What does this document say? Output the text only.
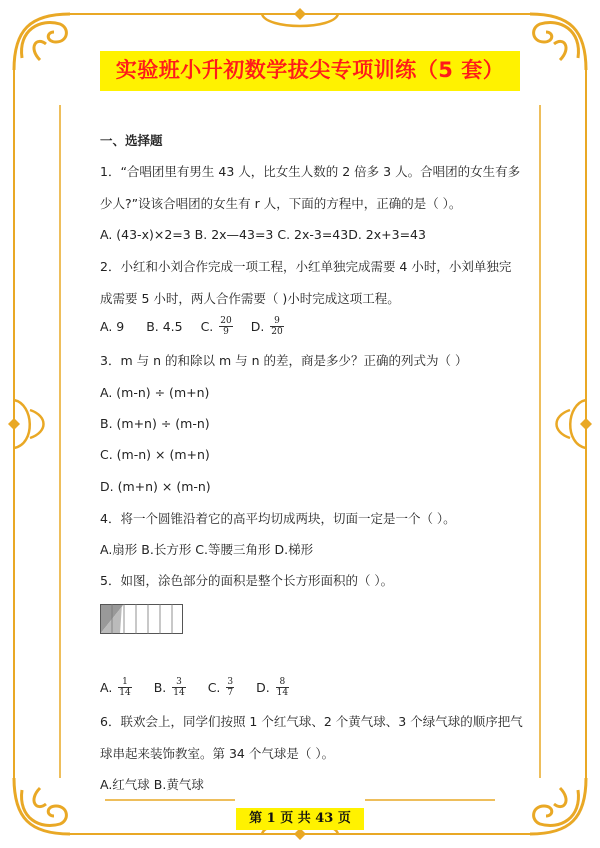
实验班小升初数学拔尖专项训练（5 套）
一、选择题
1．“合唱团里有男生 43 人，比女生人数的 2 倍多 3 人。合唱团的女生有多
少人?”设该合唱团的女生有 r 人，下面的方程中，正确的是（ ）。
A. (43-x)×2=3 B. 2x—43=3 C. 2x-3=43D. 2x+3=43
2．小红和小刘合作完成一项工程，小红单独完成需要 4 小时，小刘单独完
成需要 5 小时，两人合作需要（ )小时完成这项工程。
A. 9 B. 4.5 C. $\frac{20}{9} D$. $\frac{9}{20}$
3．m 与 n 的和除以 m 与 n 的差，商是多少？正确的列式为（ ）
A. (m-n) ÷ (m+n)
B. (m+n) ÷ (m-n)
C. (m-n) × (m+n)
D. (m+n) × (m-n)
4．将一个圆锥沿着它的高平均切成两块，切面一定是一个（ ）。
A.扇形 B.长方形 C.等腰三角形 D.梯形
5．如图，涂色部分的面积是整个长方形面积的（ ）。
A. $\frac{1}{14} B$. $\frac{3}{14} C$. $\frac{3}{7} D$. $\frac{8}{14}$
6．联欢会上，同学们按照 1 个红气球、2 个黄气球、3 个绿气球的顺序把气
球串起来装饰教室。第 34 个气球是（ ）。
A.红气球 B.黄气球
第 1 页 共 43 页
